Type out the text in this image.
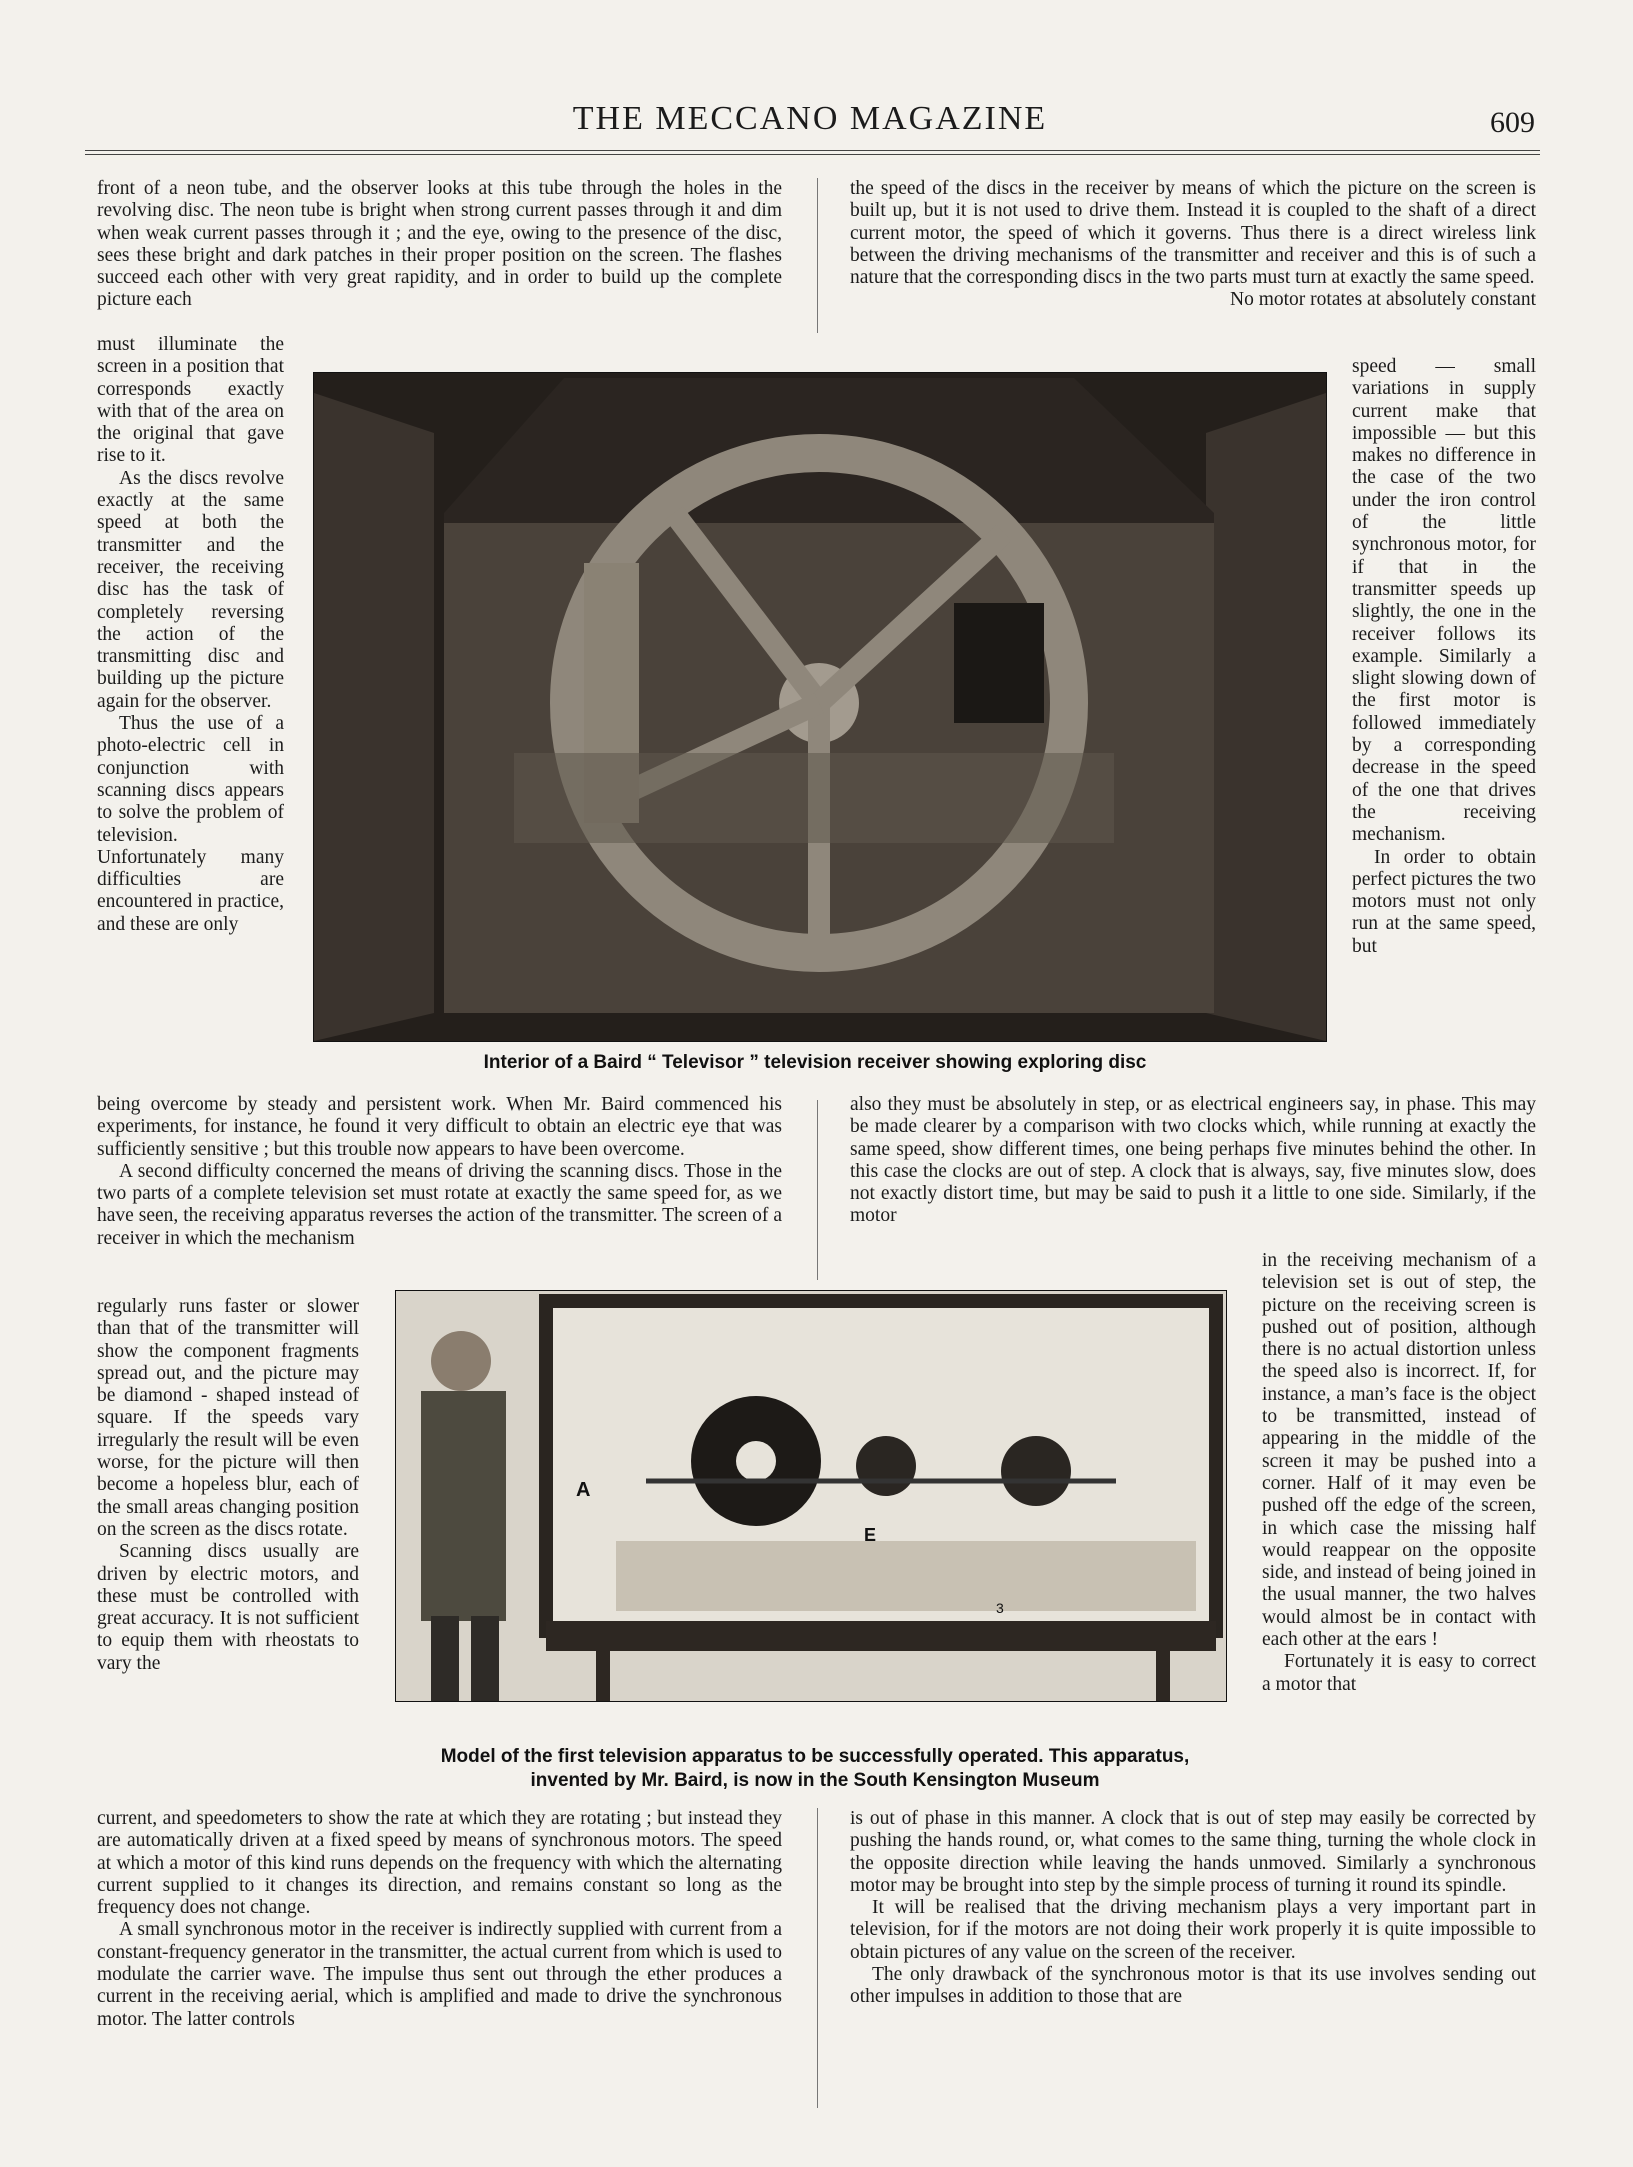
THE MECCANO MAGAZINE	609

front of a neon tube, and the observer looks at this tube through the holes in the revolving disc. The neon tube is bright when strong current passes through it and dim when weak current passes through it ; and the eye, owing to the presence of the disc, sees these bright and dark patches in their proper position on the screen. The flashes succeed each other with very great rapidity, and in order to build up the complete picture each

must illuminate the screen in a position that corresponds exactly with that of the area on the original that gave rise to it.

As the discs revolve exactly at the same speed at both the transmitter and the receiver, the receiving disc has the task of completely reversing the action of the transmitting disc and building up the picture again for the observer.

Thus the use of a photo-electric cell in conjunction with scanning discs appears to solve the problem of television. Unfortunately many difficulties are encountered in practice, and these are only

being overcome by steady and persistent work. When Mr. Baird commenced his experiments, for instance, he found it very difficult to obtain an electric eye that was sufficiently sensitive ; but this trouble now appears to have been overcome.

A second difficulty concerned the means of driving the scanning discs. Those in the two parts of a complete television set must rotate at exactly the same speed for, as we have seen, the receiving apparatus reverses the action of the transmitter. The screen of a receiver in which the mechanism

regularly runs faster or slower than that of the transmitter will show the component fragments spread out, and the picture may be diamond - shaped instead of square. If the speeds vary irregularly the result will be even worse, for the picture will then become a hopeless blur, each of the small areas changing position on the screen as the discs rotate.

Scanning discs usually are driven by electric motors, and these must be controlled with great accuracy. It is not sufficient to equip them with rheostats to vary the

current, and speedometers to show the rate at which they are rotating ; but instead they are automatically driven at a fixed speed by means of synchronous motors. The speed at which a motor of this kind runs depends on the frequency with which the alternating current supplied to it changes its direction, and remains constant so long as the frequency does not change.

A small synchronous motor in the receiver is indirectly supplied with current from a constant-frequency generator in the transmitter, the actual current from which is used to modulate the carrier wave. The impulse thus sent out through the ether produces a current in the receiving aerial, which is amplified and made to drive the synchronous motor. The latter controls

the speed of the discs in the receiver by means of which the picture on the screen is built up, but it is not used to drive them. Instead it is coupled to the shaft of a direct current motor, the speed of which it governs. Thus there is a direct wireless link between the driving mechanisms of the transmitter and receiver and this is of such a nature that the corresponding discs in the two parts must turn at exactly the same speed.

No motor rotates at absolutely constant

speed — small variations in supply current make that impossible — but this makes no difference in the case of the two under the iron control of the little synchronous motor, for if that in the transmitter speeds up slightly, the one in the receiver follows its example. Similarly a slight slowing down of the first motor is followed immediately by a corresponding decrease in the speed of the one that drives the receiving mechanism.

In order to obtain perfect pictures the two motors must not only run at the same speed, but

also they must be absolutely in step, or as electrical engineers say, in phase. This may be made clearer by a comparison with two clocks which, while running at exactly the same speed, show different times, one being perhaps five minutes behind the other. In this case the clocks are out of step. A clock that is always, say, five minutes slow, does not exactly distort time, but may be said to push it a little to one side. Similarly, if the motor

in the receiving mechanism of a television set is out of step, the picture on the receiving screen is pushed out of position, although there is no actual distortion unless the speed also is incorrect. If, for instance, a man’s face is the object to be transmitted, instead of appearing in the middle of the screen it may be pushed into a corner. Half of it may even be pushed off the edge of the screen, in which case the missing half would reappear on the opposite side, and instead of being joined in the usual manner, the two halves would almost be in contact with each other at the ears !

Fortunately it is easy to correct a motor that

is out of phase in this manner. A clock that is out of step may easily be corrected by pushing the hands round, or, what comes to the same thing, turning the whole clock in the opposite direction while leaving the hands unmoved. Similarly a synchronous motor may be brought into step by the simple process of turning it round its spindle.

It will be realised that the driving mechanism plays a very important part in television, for if the motors are not doing their work properly it is quite impossible to obtain pictures of any value on the screen of the receiver.

The only drawback of the synchronous motor is that its use involves sending out other impulses in addition to those that are

Interior of a Baird “ Televisor ” television receiver showing exploring disc
A
E
3
Model of the first television apparatus to be successfully operated. This apparatus,
invented by Mr. Baird, is now in the South Kensington Museum
